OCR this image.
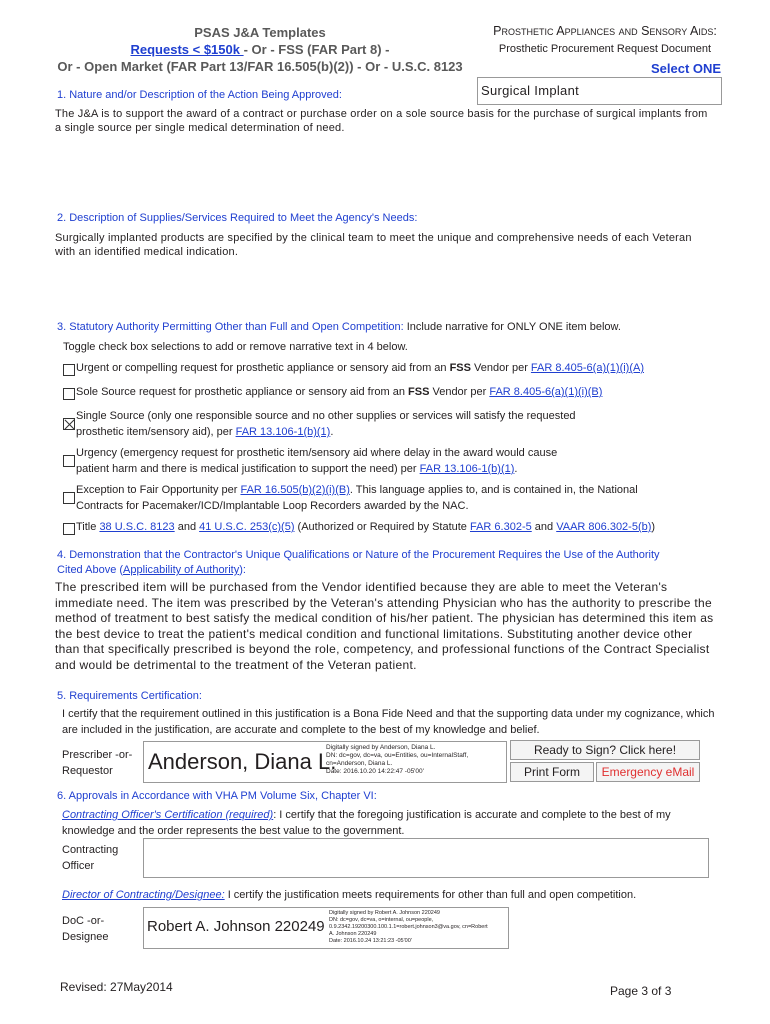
PSAS J&A Templates
Requests < $150k - Or - FSS (FAR Part 8) -
Or - Open Market (FAR Part 13/FAR 16.505(b)(2)) - Or - U.S.C. 8123
Prosthetic Appliances and Sensory Aids:
Prosthetic Procurement Request Document
Select ONE
Surgical Implant
1. Nature and/or Description of the Action Being Approved:
The J&A is to support the award of a contract or purchase order on a sole source basis for the purchase of surgical implants from a single source per single medical determination of need.
2. Description of Supplies/Services Required to Meet the Agency's Needs:
Surgically implanted products are specified by the clinical team to meet the unique and comprehensive needs of each Veteran with an identified medical indication.
3. Statutory Authority Permitting Other than Full and Open Competition: Include narrative for ONLY ONE item below.
Toggle check box selections to add or remove narrative text in 4 below.
Urgent or compelling request for prosthetic appliance or sensory aid from an FSS Vendor per FAR 8.405-6(a)(1)(i)(A)
Sole Source request for prosthetic appliance or sensory aid from an FSS Vendor per FAR 8.405-6(a)(1)(i)(B)
Single Source (only one responsible source and no other supplies or services will satisfy the requested
prosthetic item/sensory aid), per FAR 13.106-1(b)(1).
Urgency (emergency request for prosthetic item/sensory aid where delay in the award would cause
patient harm and there is medical justification to support the need) per FAR 13.106-1(b)(1).
Exception to Fair Opportunity per FAR 16.505(b)(2)(i)(B). This language applies to, and is contained in, the National
Contracts for Pacemaker/ICD/Implantable Loop Recorders awarded by the NAC.
Title 38 U.S.C. 8123 and 41 U.S.C. 253(c)(5) (Authorized or Required by Statute FAR 6.302-5 and VAAR 806.302-5(b))
4. Demonstration that the Contractor's Unique Qualifications or Nature of the Procurement Requires the Use of the Authority
Cited Above (Applicability of Authority):
The prescribed item will be purchased from the Vendor identified because they are able to meet the Veteran's immediate need. The item was prescribed by the Veteran's attending Physician who has the authority to prescribe the method of treatment to best satisfy the medical condition of his/her patient. The physician has determined this item as the best device to treat the patient's medical condition and functional limitations. Substituting another device other than that specifically prescribed is beyond the role, competency, and professional functions of the Contract Specialist and would be detrimental to the treatment of the Veteran patient.
5. Requirements Certification:
I certify that the requirement outlined in this justification is a Bona Fide Need and that the supporting data under my cognizance, which are included in the justification, are accurate and complete to the best of my knowledge and belief.
Prescriber -or- Requestor	Anderson, Diana L.
Digitally signed by Anderson, Diana L.
DN: dc=gov, dc=va, ou=Entities, ou=InternalStaff,
cn=Anderson, Diana L.
Date: 2016.10.20 14:22:47 -05'00'
Ready to Sign? Click here!
Print Form	Emergency eMail
6. Approvals in Accordance with VHA PM Volume Six, Chapter VI:
Contracting Officer's Certification (required): I certify that the foregoing justification is accurate and complete to the best of my knowledge and the order represents the best value to the government.
Contracting Officer
Director of Contracting/Designee: I certify the justification meets requirements for other than full and open competition.
DoC -or- Designee
Robert A. Johnson 220249
Digitally signed by Robert A. Johnson 220249
DN: dc=gov, dc=va, o=internal, ou=people,
0.9.2342.19200300.100.1.1=robert.johnson3@va.gov, cn=Robert
A. Johnson 220249
Date: 2016.10.24 13:21:23 -05'00'
Revised: 27May2014	Page 3 of 3
